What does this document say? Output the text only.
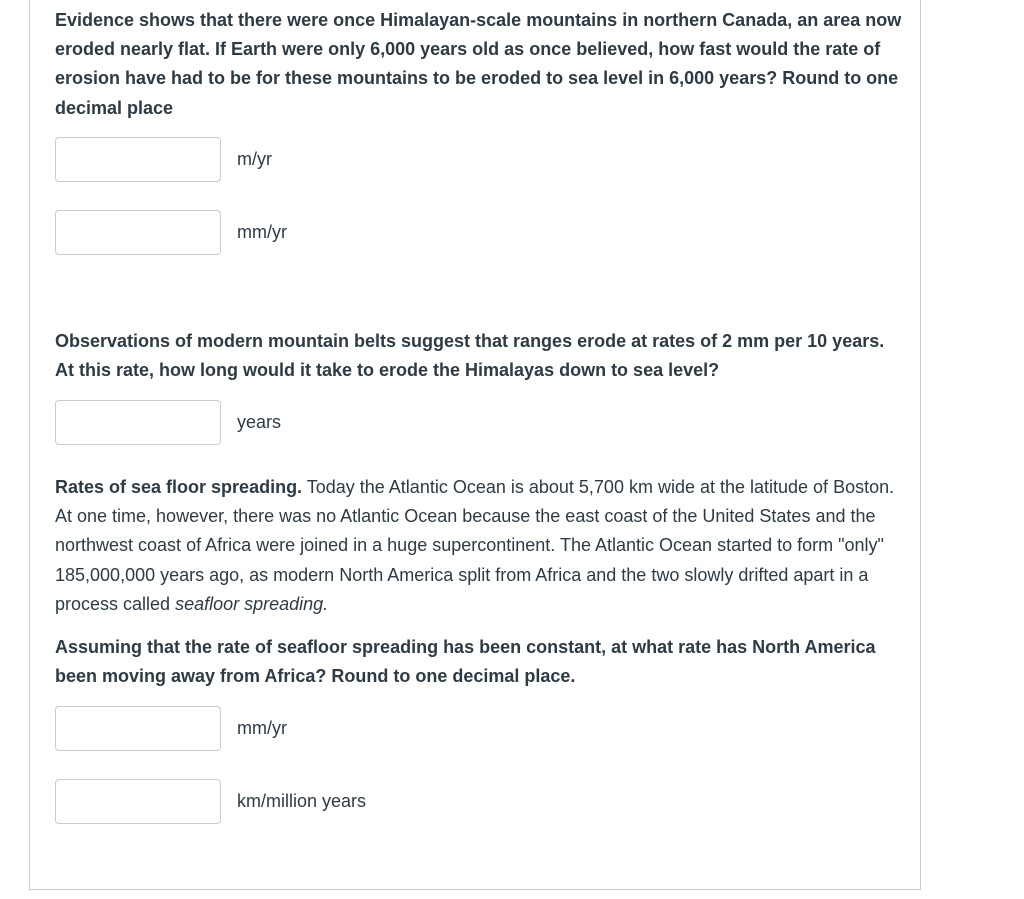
Evidence shows that there were once Himalayan-scale mountains in northern Canada, an area now eroded nearly flat. If Earth were only 6,000 years old as once believed, how fast would the rate of erosion have had to be for these mountains to be eroded to sea level in 6,000 years? Round to one decimal place

m/yr
mm/yr

Observations of modern mountain belts suggest that ranges erode at rates of 2 mm per 10 years. At this rate, how long would it take to erode the Himalayas down to sea level?

years

Rates of sea floor spreading. Today the Atlantic Ocean is about 5,700 km wide at the latitude of Boston. At one time, however, there was no Atlantic Ocean because the east coast of the United States and the northwest coast of Africa were joined in a huge supercontinent. The Atlantic Ocean started to form "only" 185,000,000 years ago, as modern North America split from Africa and the two slowly drifted apart in a process called seafloor spreading.

Assuming that the rate of seafloor spreading has been constant, at what rate has North America been moving away from Africa? Round to one decimal place.

mm/yr
km/million years
